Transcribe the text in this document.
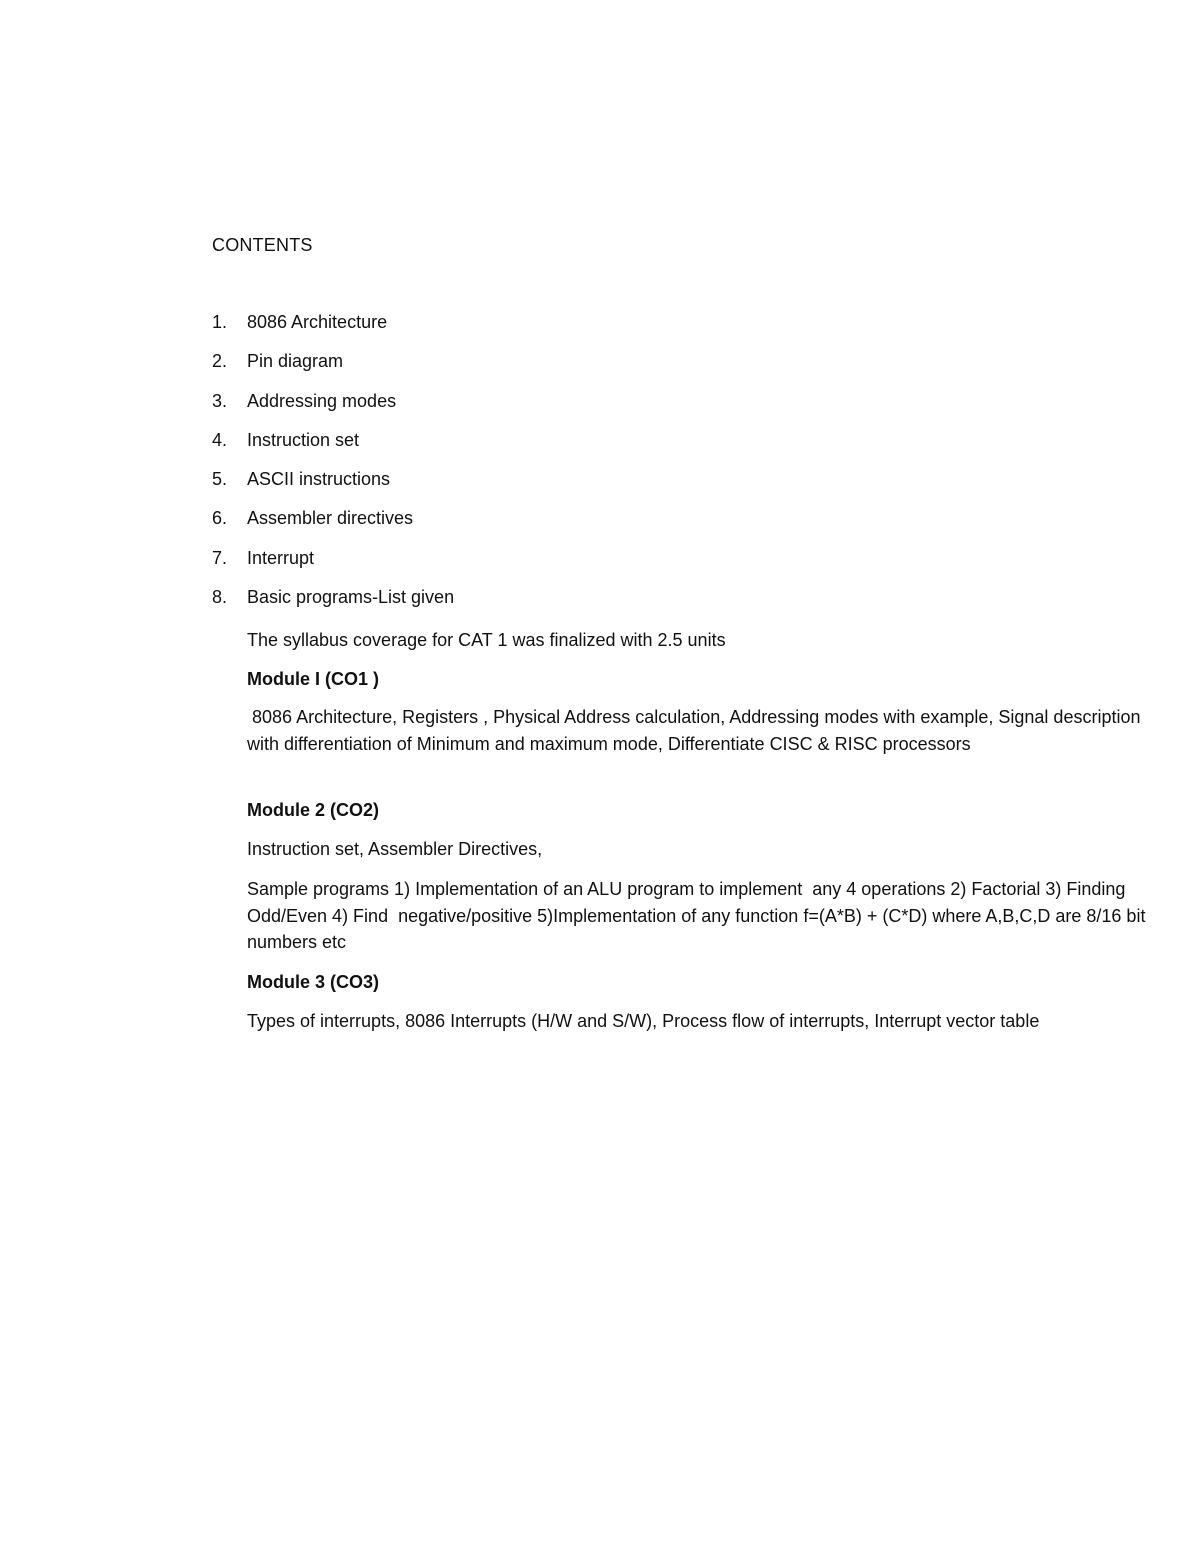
CONTENTS
1.	8086 Architecture
2.	Pin diagram
3.	Addressing modes
4.	Instruction set
5.	ASCII instructions
6.	Assembler directives
7.	Interrupt
8.	Basic programs-List given
The syllabus coverage for CAT 1 was finalized with 2.5 units
Module I (CO1 )
8086 Architecture, Registers , Physical Address calculation, Addressing modes with example, Signal description with differentiation of Minimum and maximum mode, Differentiate CISC & RISC processors
Module 2 (CO2)
Instruction set, Assembler Directives,
Sample programs 1) Implementation of an ALU program to implement  any 4 operations 2) Factorial 3) Finding Odd/Even 4) Find  negative/positive 5)Implementation of any function f=(A*B) + (C*D) where A,B,C,D are 8/16 bit numbers etc
Module 3 (CO3)
Types of interrupts, 8086 Interrupts (H/W and S/W), Process flow of interrupts, Interrupt vector table
